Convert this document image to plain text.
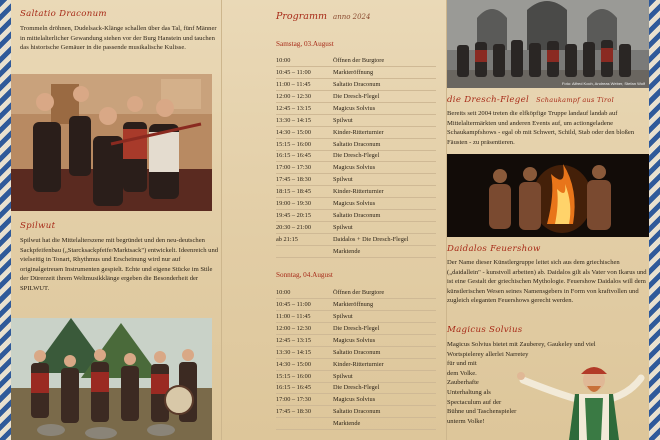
Saltatio Draconum
Trommeln dröhnen, Dudelsack-Klänge schallen über das Tal, fünf Männer in mittelalterlicher Gewandung stehen vor der Burg Hanstein und tauchen das historische Gemäuer in die passende musikalische Kulisse.
Spilwut
Spilwut hat die Mittelalterszene mit begründet und den neu-deutschen Sackpfeifenbau („Starcksackpfeife/Marktsack") entwickelt. Ideenreich und vielseitig in Tonart, Rhythmus und Erscheinung wird nur auf originalgetreuen Instrumenten gespielt. Echte und eigene Stücke im Stile der Dürerzeit ihrem Weltmusikklänge ergeben die Besonderheit der SPILWUT.
Programm anno 2024
Samstag, 03.August
10:00	Öffnen der Burgtore
10:45 – 11:00	Markteröffnung
11:00 – 11:45	Saltatio Draconum
12:00 – 12:30	Die Dresch-Flegel
12:45 – 13:15	Magicus Solvius
13:30 – 14:15	Spilwut
14:30 – 15:00	Kinder-Ritterturnier
15:15 – 16:00	Saltatio Draconum
16:15 – 16:45	Die Dresch-Flegel
17:00 – 17:30	Magicus Solvius
17:45 – 18:30	Spilwut
18:15 – 18:45	Kinder-Ritterturnier
19:00 – 19:30	Magicus Solvius
19:45 – 20:15	Saltatio Draconum
20:30 – 21:00	Spilwut
ab 21:15	Daidalos + Die Dresch-Flegel
Marktende
Sonntag, 04.August
10:00	Öffnen der Burgtore
10:45 – 11:00	Markteröffnung
11:00 – 11:45	Spilwut
12:00 – 12:30	Die Dresch-Flegel
12:45 – 13:15	Magicus Solvius
13:30 – 14:15	Saltatio Draconum
14:30 – 15:00	Kinder-Ritterturnier
15:15 – 16:00	Spilwut
16:15 – 16:45	Die Dresch-Flegel
17:00 – 17:30	Magicus Solvius
17:45 – 18:30	Saltatio Draconum
Marktende
Foto: Alfred Koch, Andreas Weber, Stefan Wolf
die Dresch-Flegel Schaukampf aus Tirol
Bereits seit 2004 treten die elfköpfige Truppe landauf landab auf Mittelaltermärkten und anderen Events auf, um actiongeladene Schaukampfshows - egal ob mit Schwert, Schild, Stab oder den bloßen Fäusten - zu präsentieren.
Daidalos Feuershow
Der Name dieser Künstlergruppe leitet sich aus dem griechischen („daidallein" - kunstvoll arbeiten) ab. Daidalos gilt als Vater von Ikarus und ist eine Gestalt der griechischen Mythologie. Feuershow Daidalos will dem künstlerischen Wesen seines Namensgebers in Form von kraftvollen und zugleich eleganten Feuershows gerecht werden.
Magicus Solvius
Magicus Solvius bietet mit Zauberey, Gaukeley und viel
Wortspielerey allerlei Narretey
für und mit
dem Volke.
Zauberhafte
Unterhaltung als
Spectaculum auf der
Bühne und Taschenspieler
unterm Volke!
